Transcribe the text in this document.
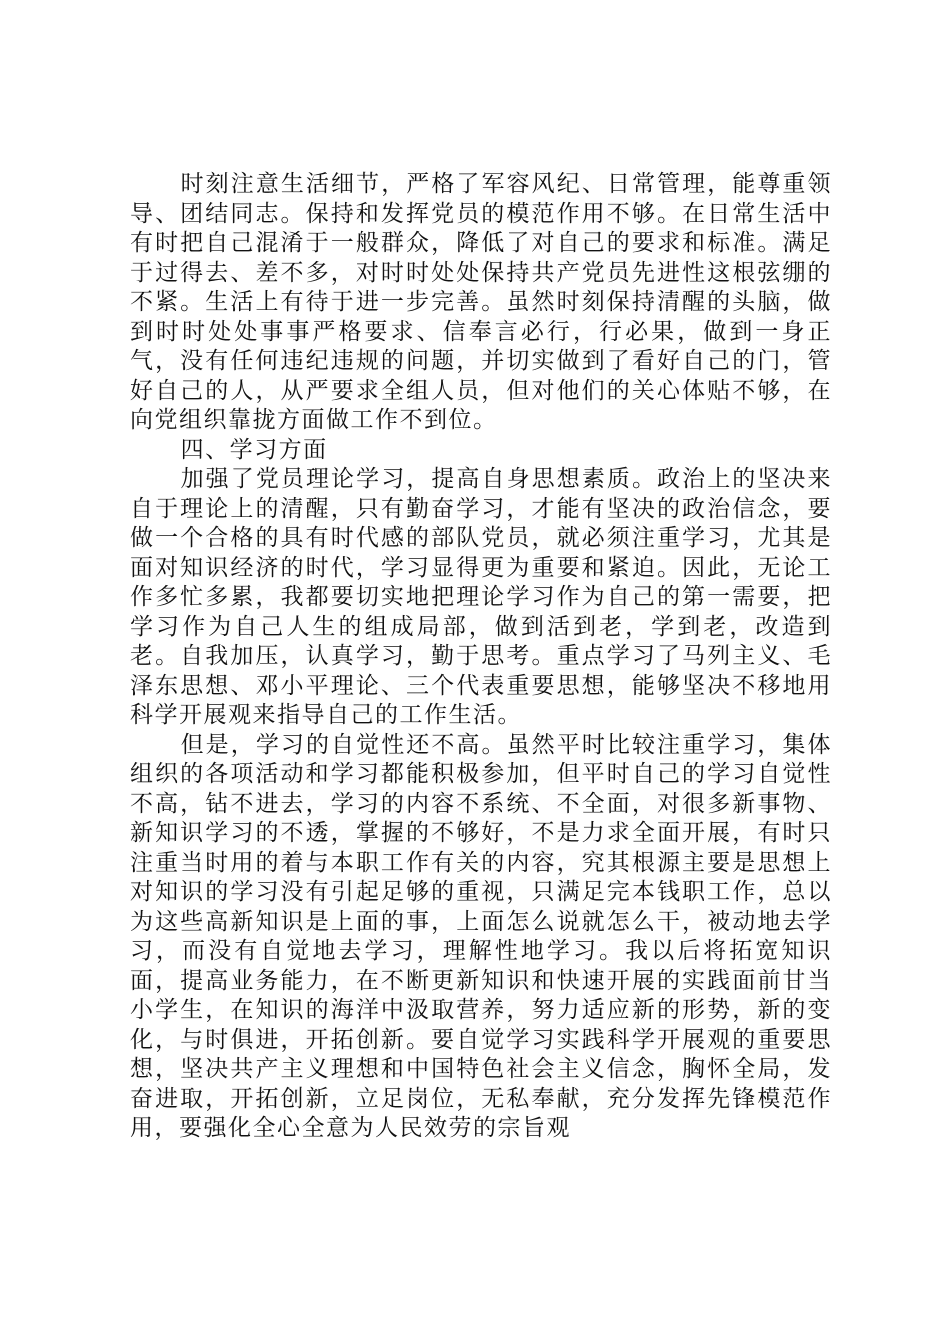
时刻注意生活细节，严格了军容风纪、日常管理，能尊重领导、团结同志。保持和发挥党员的模范作用不够。在日常生活中有时把自己混淆于一般群众，降低了对自己的要求和标准。满足于过得去、差不多，对时时处处保持共产党员先进性这根弦绷的不紧。生活上有待于进一步完善。虽然时刻保持清醒的头脑，做到时时处处事事严格要求、信奉言必行，行必果，做到一身正气，没有任何违纪违规的问题，并切实做到了看好自己的门，管好自己的人，从严要求全组人员，但对他们的关心体贴不够，在向党组织靠拢方面做工作不到位。

四、学习方面

加强了党员理论学习，提高自身思想素质。政治上的坚决来自于理论上的清醒，只有勤奋学习，才能有坚决的政治信念，要做一个合格的具有时代感的部队党员，就必须注重学习，尤其是面对知识经济的时代，学习显得更为重要和紧迫。因此，无论工作多忙多累，我都要切实地把理论学习作为自己的第一需要，把学习作为自己人生的组成局部，做到活到老，学到老，改造到老。自我加压，认真学习，勤于思考。重点学习了马列主义、毛泽东思想、邓小平理论、三个代表重要思想，能够坚决不移地用科学开展观来指导自己的工作生活。

但是，学习的自觉性还不高。虽然平时比较注重学习，集体组织的各项活动和学习都能积极参加，但平时自己的学习自觉性不高，钻不进去，学习的内容不系统、不全面，对很多新事物、新知识学习的不透，掌握的不够好，不是力求全面开展，有时只注重当时用的着与本职工作有关的内容，究其根源主要是思想上对知识的学习没有引起足够的重视，只满足完本钱职工作，总以为这些高新知识是上面的事，上面怎么说就怎么干，被动地去学习，而没有自觉地去学习，理解性地学习。我以后将拓宽知识面，提高业务能力，在不断更新知识和快速开展的实践面前甘当小学生，在知识的海洋中汲取营养，努力适应新的形势，新的变化，与时俱进，开拓创新。要自觉学习实践科学开展观的重要思想，坚决共产主义理想和中国特色社会主义信念，胸怀全局，发奋进取，开拓创新，立足岗位，无私奉献，充分发挥先锋模范作用，要强化全心全意为人民效劳的宗旨观
